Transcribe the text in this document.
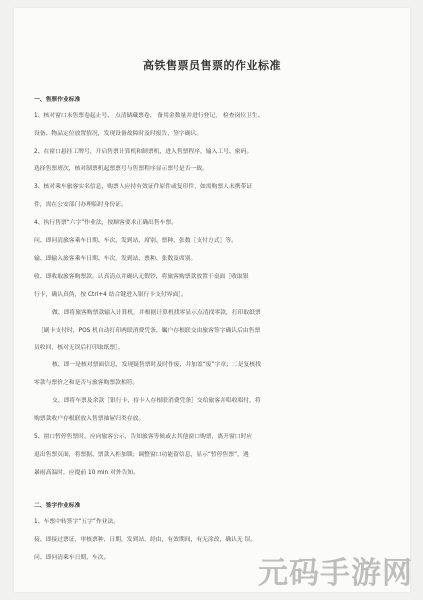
高铁售票员售票的作业标准
一、售票作业标准
1、核对窗口未售票卷起止号、 点清储藏票卷、 备用金数量并进行登记， 检查岗位卫生、
设备、物品定位放置情况，发现设备故障时及时报告，签字确认。
2、在窗口悬挂工牌号，开启售票计算机和制票机，进入售票程序，输入工号、密码。
选择售票班次，核对制票机起票票号与售票程序显示票号是否一致。
3、核对乘车旅客实名信息，购票人应持有效证件原件或复印件，如需购票人未携带证
件，需在公安部门办理临时身份证。
4、执行售票“六字”作业法，按顺客要求正确出售车票。
问、即问清旅客乘车日期、车次、发到站、席别、票种、张数［支付方式］等。
输、即输入旅客乘车日期、车次，发到站、票种、张数及席别。
收、即收取旅客购票款，认真清点并确认无假钞，将旅客购票款放置于桌面［收取银
行卡，确认真伪，按 Ctrl+4 结合键进入银行卡支付界面］。
做、即将旅客购票款输入计算机，并根据计算机找零显示点清找零款，打印取纸票
［刷卡支付时，POS 机自动打印两联消费凭条，瞩户存根联交由旅客签字确认后由售票
员收回，核对无误后打印取纸票］。
核、即一是核对票面信息，发现疑售票时及时作废，并加盖“废”字章；二是复核找
零款与票价之和是否与旅客购票款相符。
交、即将车票及余款［银行卡、持卡人存根联消费凭条］交给旅客并唱收唱付，将
购票款收户存根联放入售票抽屉归类存放。
5、窗口暂停售票时，应向旅客公示，告知旅客等候或去其他窗口购票，离开窗口时应
退出售票页面，将票据、票款入柜加锁；调整窗口功能留信息，显示“暂停售票”，遇
暴雨高温时，应提前 10 min 对外告知。
二、签字作业标准
1、车票中转签字“五字”作业法。
接、即接过票证，审核票种，日期，发到站，经由，有效期间，有无涂改，确认无 误。
问、即问清乘车日期、车次。	元码手游网
